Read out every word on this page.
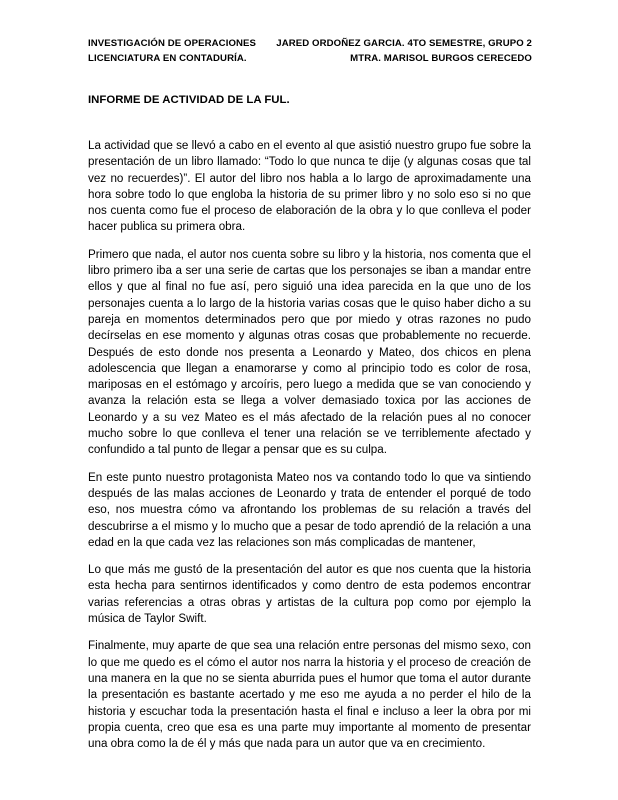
INVESTIGACIÓN DE OPERACIONES
LICENCIATURA EN CONTADURÍA.
JARED ORDOÑEZ GARCIA. 4TO SEMESTRE, GRUPO 2
MTRA. MARISOL BURGOS CERECEDO
INFORME DE ACTIVIDAD DE LA FUL.

La actividad que se llevó a cabo en el evento al que asistió nuestro grupo fue sobre la presentación de un libro llamado: “Todo lo que nunca te dije (y algunas cosas que tal vez no recuerdes)”. El autor del libro nos habla a lo largo de aproximadamente una hora sobre todo lo que engloba la historia de su primer libro y no solo eso si no que nos cuenta como fue el proceso de elaboración de la obra y lo que conlleva el poder hacer publica su primera obra.

Primero que nada, el autor nos cuenta sobre su libro y la historia, nos comenta que el libro primero iba a ser una serie de cartas que los personajes se iban a mandar entre ellos y que al final no fue así, pero siguió una idea parecida en la que uno de los personajes cuenta a lo largo de la historia varias cosas que le quiso haber dicho a su pareja en momentos determinados pero que por miedo y otras razones no pudo decírselas en ese momento y algunas otras cosas que probablemente no recuerde. Después de esto donde nos presenta a Leonardo y Mateo, dos chicos en plena adolescencia que llegan a enamorarse y como al principio todo es color de rosa, mariposas en el estómago y arcoíris, pero luego a medida que se van conociendo y avanza la relación esta se llega a volver demasiado toxica por las acciones de Leonardo y a su vez Mateo es el más afectado de la relación pues al no conocer mucho sobre lo que conlleva el tener una relación se ve terriblemente afectado y confundido a tal punto de llegar a pensar que es su culpa.

En este punto nuestro protagonista Mateo nos va contando todo lo que va sintiendo después de las malas acciones de Leonardo y trata de entender el porqué de todo eso, nos muestra cómo va afrontando los problemas de su relación a través del descubrirse a el mismo y lo mucho que a pesar de todo aprendió de la relación a una edad en la que cada vez las relaciones son más complicadas de mantener,

Lo que más me gustó de la presentación del autor es que nos cuenta que la historia esta hecha para sentirnos identificados y como dentro de esta podemos encontrar varias referencias a otras obras y artistas de la cultura pop como por ejemplo la música de Taylor Swift.

Finalmente, muy aparte de que sea una relación entre personas del mismo sexo, con lo que me quedo es el cómo el autor nos narra la historia y el proceso de creación de una manera en la que no se sienta aburrida pues el humor que toma el autor durante la presentación es bastante acertado y me eso me ayuda a no perder el hilo de la historia y escuchar toda la presentación hasta el final e incluso a leer la obra por mi propia cuenta, creo que esa es una parte muy importante al momento de presentar una obra como la de él y más que nada para un autor que va en crecimiento.
